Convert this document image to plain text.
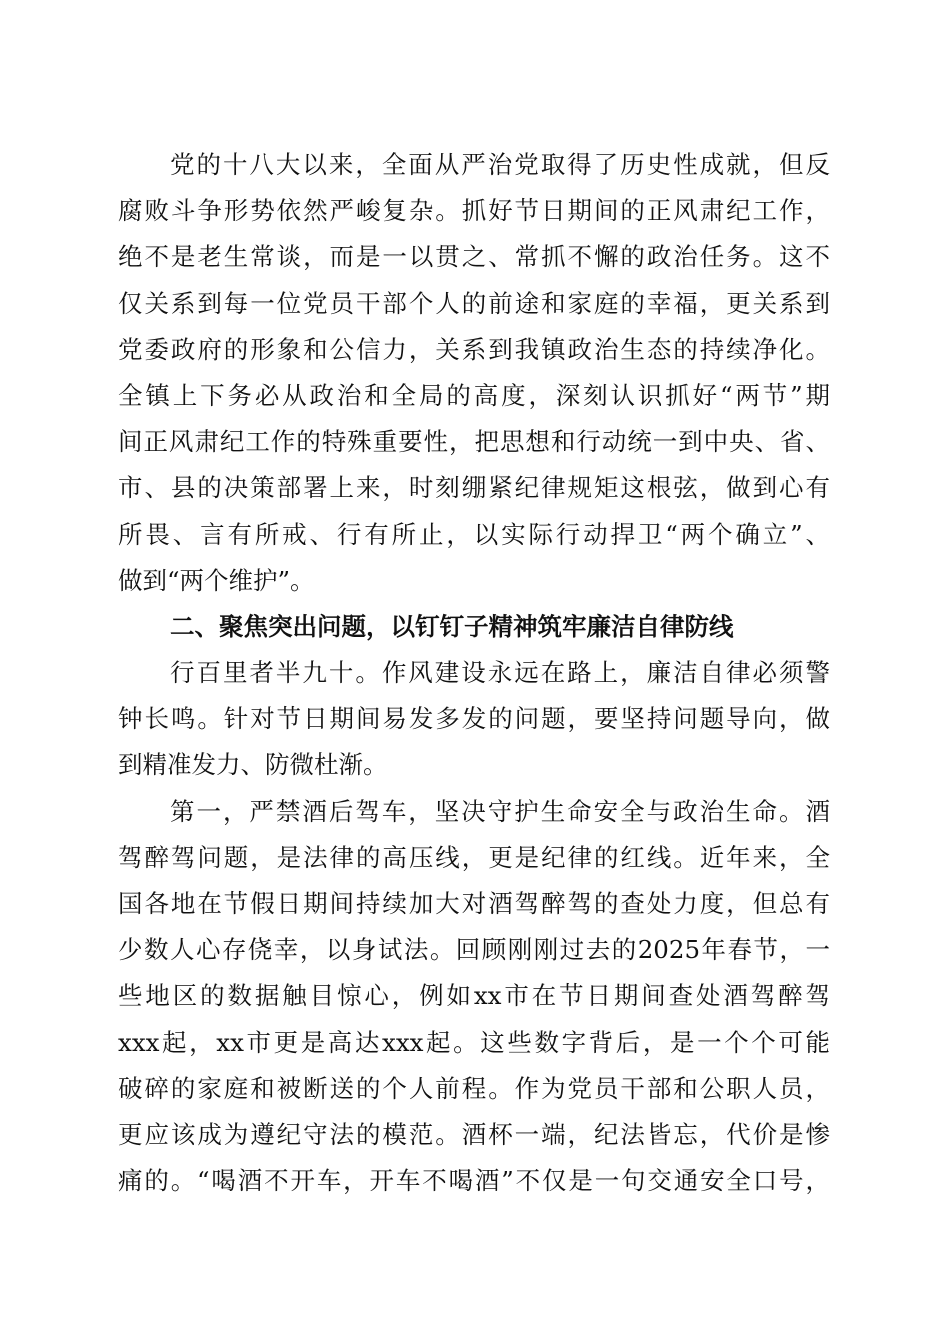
党的十八大以来，全面从严治党取得了历史性成就，但反
腐败斗争形势依然严峻复杂。抓好节日期间的正风肃纪工作，
绝不是老生常谈，而是一以贯之、常抓不懈的政治任务。这不
仅关系到每一位党员干部个人的前途和家庭的幸福，更关系到
党委政府的形象和公信力，关系到我镇政治生态的持续净化。
全镇上下务必从政治和全局的高度，深刻认识抓好“两节”期
间正风肃纪工作的特殊重要性，把思想和行动统一到中央、省、
市、县的决策部署上来，时刻绷紧纪律规矩这根弦，做到心有
所畏、言有所戒、行有所止，以实际行动捍卫“两个确立”、
做到“两个维护”。
二、聚焦突出问题，以钉钉子精神筑牢廉洁自律防线
行百里者半九十。作风建设永远在路上，廉洁自律必须警
钟长鸣。针对节日期间易发多发的问题，要坚持问题导向，做
到精准发力、防微杜渐。
第一，严禁酒后驾车，坚决守护生命安全与政治生命。酒
驾醉驾问题，是法律的高压线，更是纪律的红线。近年来，全
国各地在节假日期间持续加大对酒驾醉驾的查处力度，但总有
少数人心存侥幸，以身试法。回顾刚刚过去的2025年春节，一
些地区的数据触目惊心，例如xx市在节日期间查处酒驾醉驾
xxx起，xx市更是高达xxx起。这些数字背后，是一个个可能
破碎的家庭和被断送的个人前程。作为党员干部和公职人员，
更应该成为遵纪守法的模范。酒杯一端，纪法皆忘，代价是惨
痛的。“喝酒不开车，开车不喝酒”不仅是一句交通安全口号，
